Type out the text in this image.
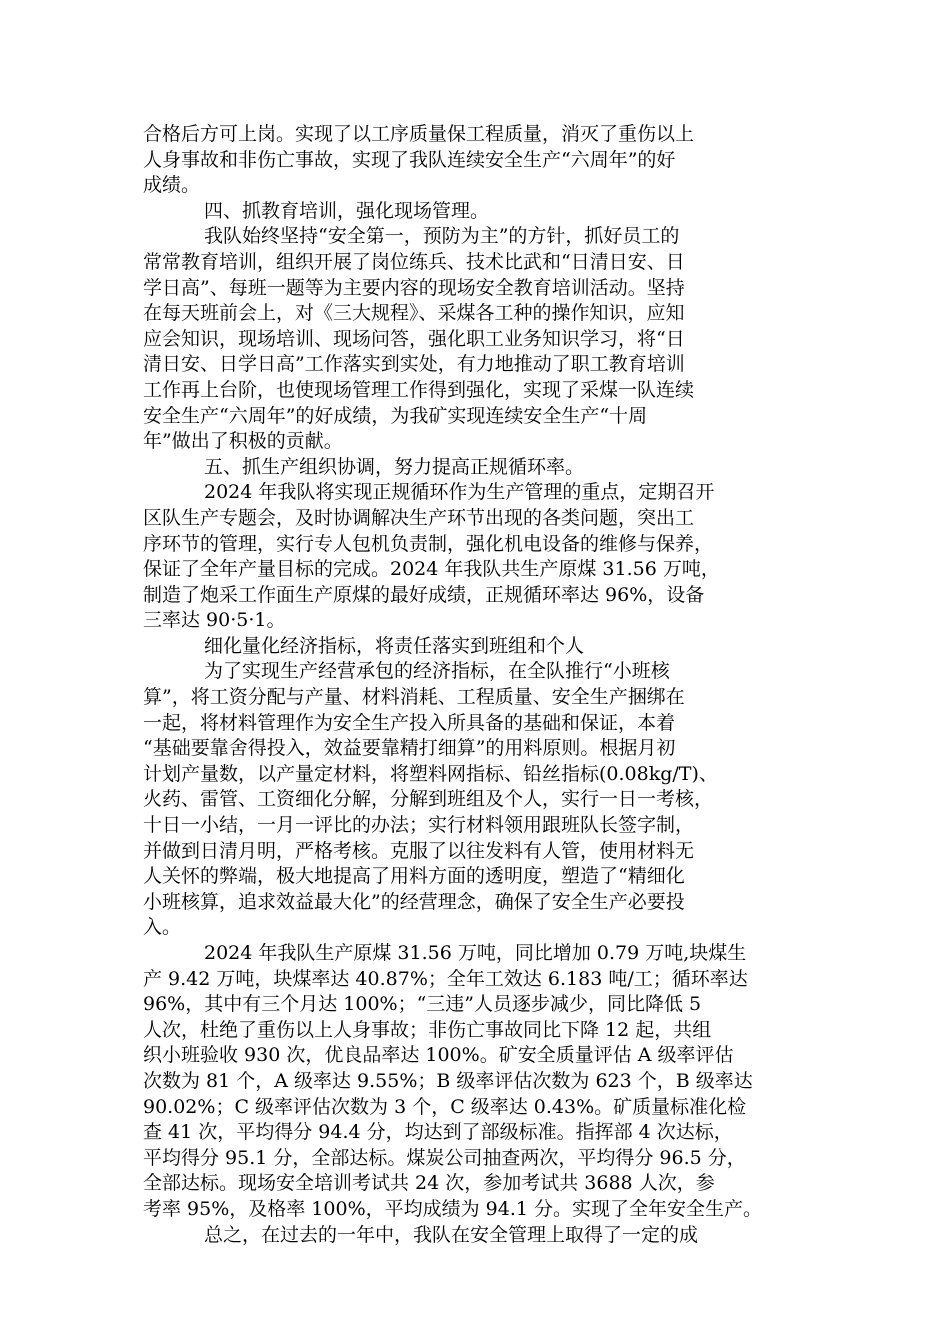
合格后方可上岗。实现了以工序质量保工程质量，消灭了重伤以上
人身事故和非伤亡事故，实现了我队连续安全生产“六周年”的好
成绩。
四、抓教育培训，强化现场管理。
我队始终坚持“安全第一，预防为主”的方针，抓好员工的
常常教育培训，组织开展了岗位练兵、技术比武和“日清日安、日
学日高”、每班一题等为主要内容的现场安全教育培训活动。坚持
在每天班前会上，对《三大规程》、采煤各工种的操作知识，应知
应会知识，现场培训、现场问答，强化职工业务知识学习，将“日
清日安、日学日高”工作落实到实处，有力地推动了职工教育培训
工作再上台阶，也使现场管理工作得到强化，实现了采煤一队连续
安全生产“六周年”的好成绩，为我矿实现连续安全生产“十周
年”做出了积极的贡献。
五、抓生产组织协调，努力提高正规循环率。
2024 年我队将实现正规循环作为生产管理的重点，定期召开
区队生产专题会，及时协调解决生产环节出现的各类问题，突出工
序环节的管理，实行专人包机负责制，强化机电设备的维修与保养，
保证了全年产量目标的完成。2024 年我队共生产原煤 31.56 万吨，
制造了炮采工作面生产原煤的最好成绩，正规循环率达 96%，设备
三率达 90·5·1。
细化量化经济指标，将责任落实到班组和个人
为了实现生产经营承包的经济指标，在全队推行“小班核
算”，将工资分配与产量、材料消耗、工程质量、安全生产捆绑在
一起，将材料管理作为安全生产投入所具备的基础和保证，本着
“基础要靠舍得投入，效益要靠精打细算”的用料原则。根据月初
计划产量数，以产量定材料，将塑料网指标、铅丝指标(0.08kg/T)、
火药、雷管、工资细化分解，分解到班组及个人，实行一日一考核，
十日一小结，一月一评比的办法；实行材料领用跟班队长签字制，
并做到日清月明，严格考核。克服了以往发料有人管，使用材料无
人关怀的弊端，极大地提高了用料方面的透明度，塑造了“精细化
小班核算，追求效益最大化”的经营理念，确保了安全生产必要投
入。
2024 年我队生产原煤 31.56 万吨，同比增加 0.79 万吨,块煤生
产 9.42 万吨，块煤率达 40.87%；全年工效达 6.183 吨/工；循环率达
96%，其中有三个月达 100%；“三违”人员逐步减少，同比降低 5
人次，杜绝了重伤以上人身事故；非伤亡事故同比下降 12 起，共组
织小班验收 930 次，优良品率达 100%。矿安全质量评估 A 级率评估
次数为 81 个，A 级率达 9.55%；B 级率评估次数为 623 个，B 级率达
90.02%；C 级率评估次数为 3 个，C 级率达 0.43%。矿质量标准化检
查 41 次，平均得分 94.4 分，均达到了部级标准。指挥部 4 次达标，
平均得分 95.1 分，全部达标。煤炭公司抽查两次，平均得分 96.5 分，
全部达标。现场安全培训考试共 24 次，参加考试共 3688 人次，参
考率 95%，及格率 100%，平均成绩为 94.1 分。实现了全年安全生产。
总之，在过去的一年中，我队在安全管理上取得了一定的成
